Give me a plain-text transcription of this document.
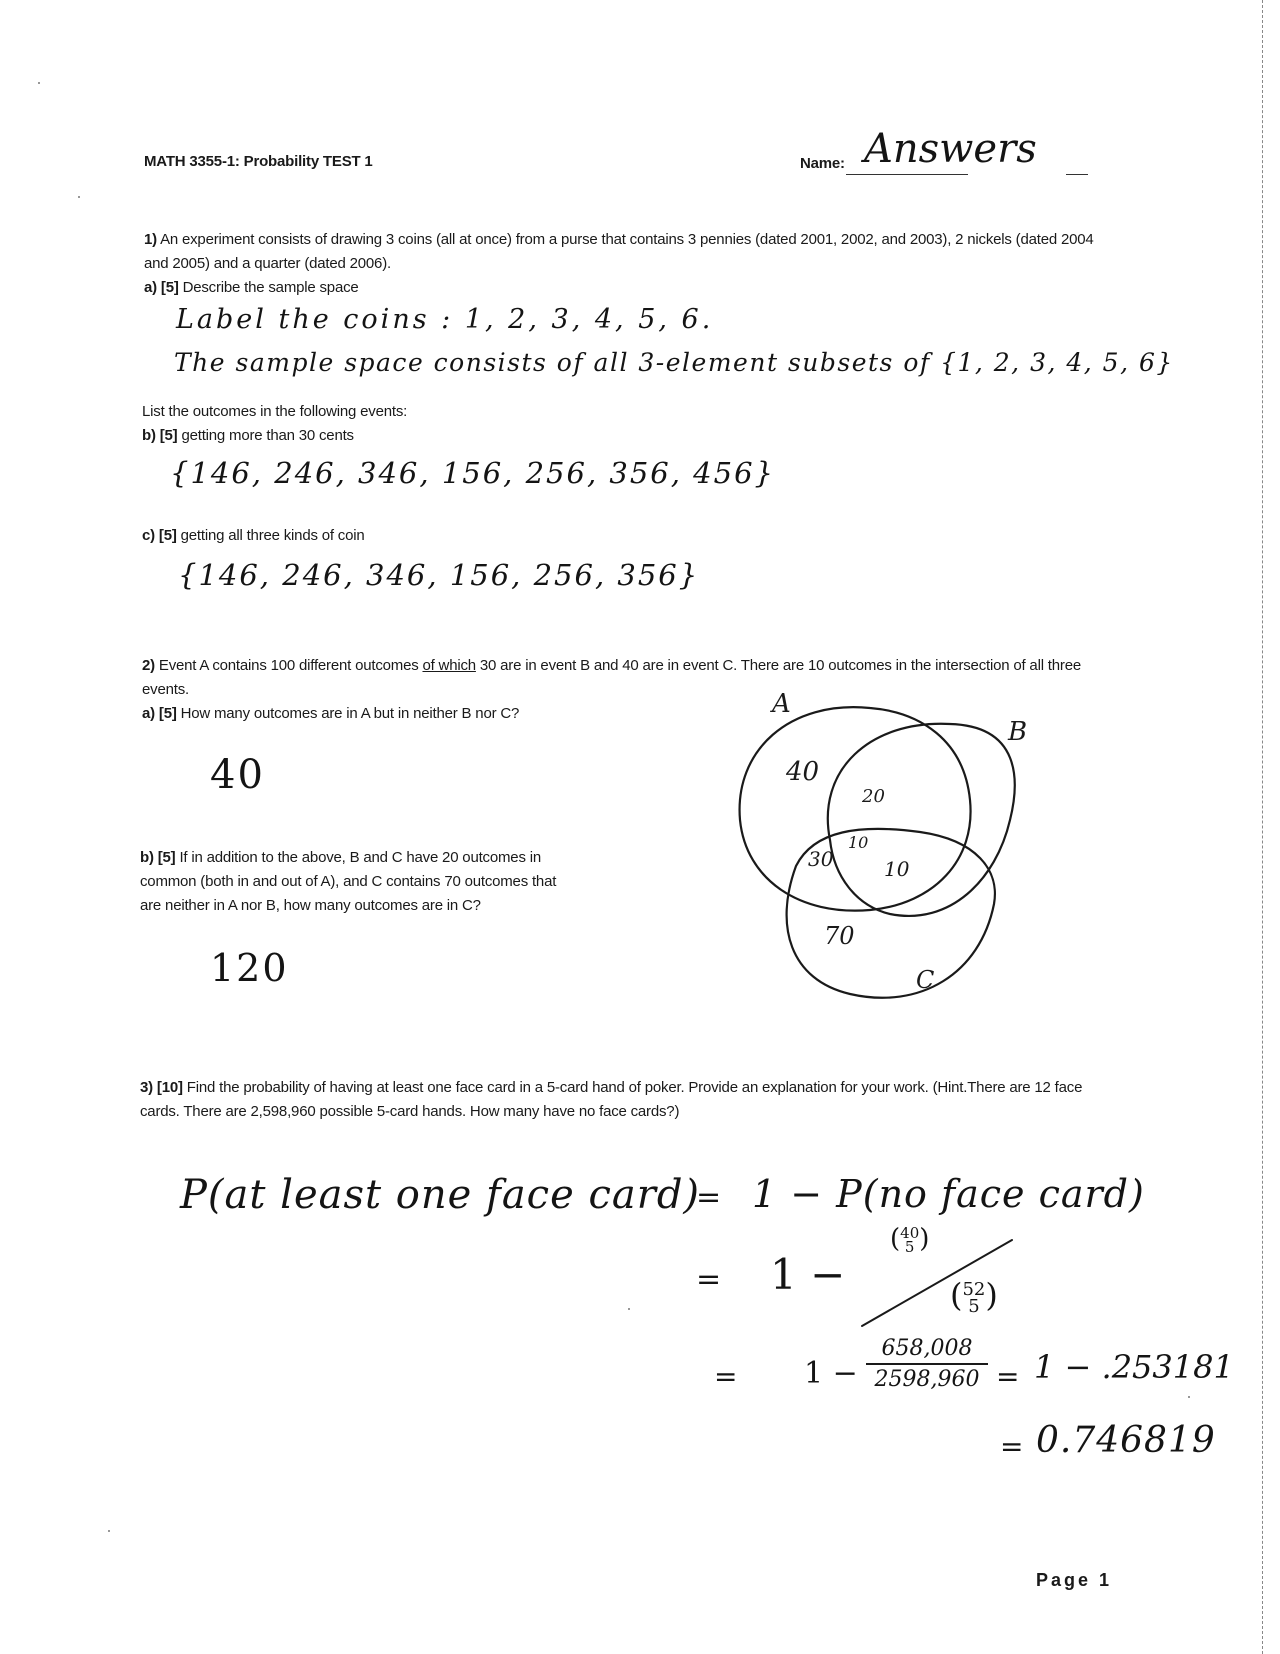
MATH 3355-1: Probability TEST 1	Name: Answers
1) An experiment consists of drawing 3 coins (all at once) from a purse that contains 3 pennies (dated 2001, 2002, and 2003), 2 nickels (dated 2004 and 2005) and a quarter (dated 2006).
a) [5] Describe the sample space
Label the coins : 1, 2, 3, 4, 5, 6.
The sample space consists of all 3-element subsets of {1, 2, 3, 4, 5, 6}
List the outcomes in the following events:
b) [5] getting more than 30 cents
{146, 246, 346, 156, 256, 356, 456}
c) [5] getting all three kinds of coin
{146, 246, 346, 156, 256, 356}
2) Event A contains 100 different outcomes of which 30 are in event B and 40 are in event C. There are 10 outcomes in the intersection of all three events.
a) [5] How many outcomes are in A but in neither B nor C?
40
b) [5] If in addition to the above, B and C have 20 outcomes in common (both in and out of A), and C contains 70 outcomes that are neither in A nor B, how many outcomes are in C?
120
A
B
C
40
20
10
30	10
70
3) [10] Find the probability of having at least one face card in a 5-card hand of poker. Provide an explanation for your work. (Hint.There are 12 face cards. There are 2,598,960 possible 5-card hands. How many have no face cards?)
P(at least one face card)
= 1 − P(no face card)
= 1 −
(40
5 )
(52
5 )
= 1 −
658,008
2598,960 = 1 − .253181
= 0.746819
Page 1
